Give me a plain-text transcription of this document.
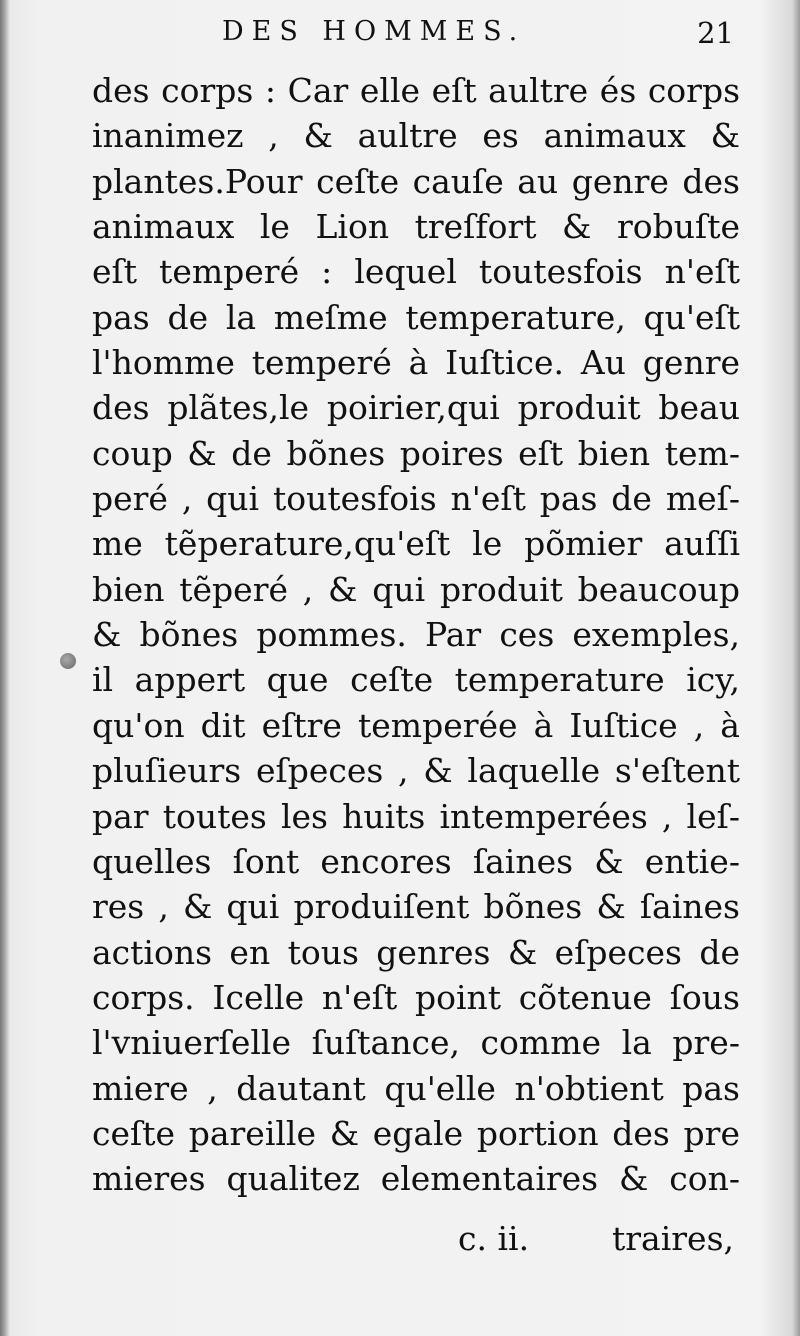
DES HOMMES.	21
des corps : Car elle eſt aultre és corps
inanimez , & aultre es animaux &
plantes.Pour ceſte cauſe au genre des
animaux le Lion treſfort & robuſte
eſt temperé : lequel toutesfois n'eſt
pas de la meſme temperature, qu'eſt
l'homme temperé à Iuſtice. Au genre
des plãtes,le poirier,qui produit beau
coup & de bõnes poires eſt bien tem-
peré , qui toutesfois n'eſt pas de meſ-
me tẽperature,qu'eſt le põmier auſſi
bien tẽperé , & qui produit beaucoup
& bõnes pommes. Par ces exemples,
il appert que ceſte temperature icy,
qu'on dit eſtre temperée à Iuſtice , à
pluſieurs eſpeces , & laquelle s'eſtent
par toutes les huits intemperées , leſ-
quelles ſont encores ſaines & entie-
res , & qui produiſent bõnes & ſaines
actions en tous genres & eſpeces de
corps. Icelle n'eſt point cõtenue ſous
l'vniuerſelle ſuſtance, comme la pre-
miere , dautant qu'elle n'obtient pas
ceſte pareille & egale portion des pre
mieres qualitez elementaires & con-
c. ii.	traires,
